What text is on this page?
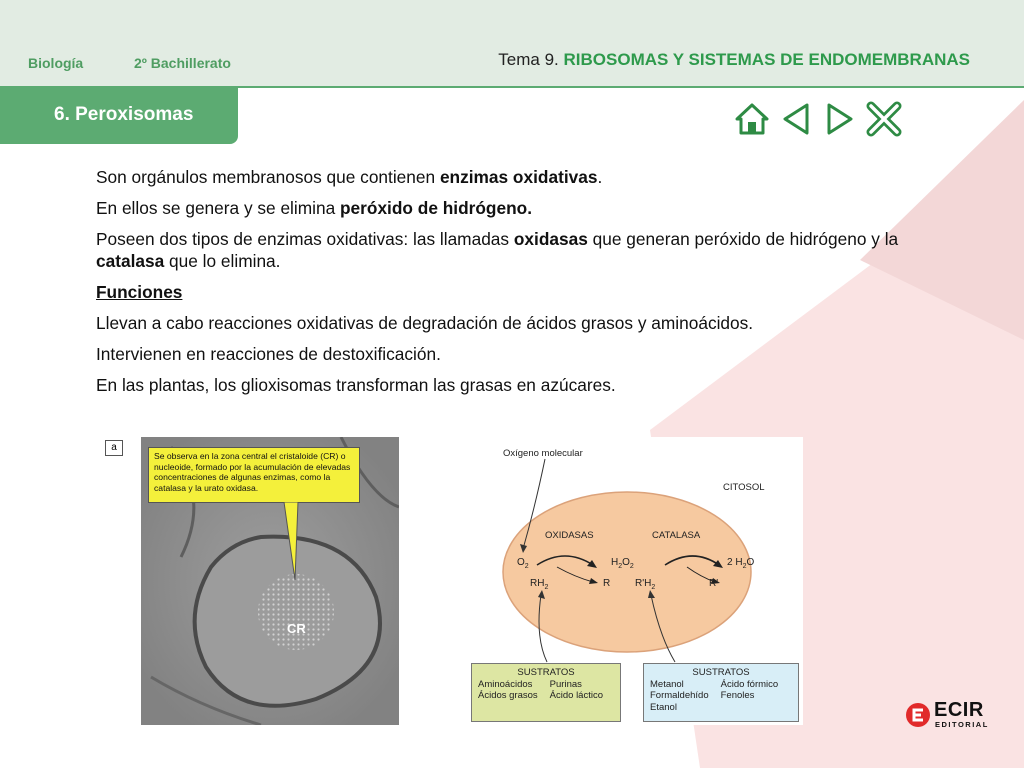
Biología	2º Bachillerato	Tema 9. RIBOSOMAS Y SISTEMAS DE ENDOMEMBRANAS
6. Peroxisomas

Son orgánulos membranosos que contienen enzimas oxidativas.

En ellos se genera y se elimina peróxido de hidrógeno.

Poseen dos tipos de enzimas oxidativas: las llamadas oxidasas que generan peróxido de hidrógeno y la catalasa que lo elimina.

Funciones

Llevan a cabo reacciones oxidativas de degradación de ácidos grasos y aminoácidos.

Intervienen en reacciones de destoxificación.

En las plantas, los glioxisomas transforman las grasas en azúcares.

a
CR
Se observa en la zona central el cristaloide (CR) o nucleoide, formado por la acumulación de elevadas concentraciones de algunas enzimas, como la catalasa y la urato oxidasa.
Oxígeno molecular
CITOSOL
OXIDASAS	CATALASA
$O_2$	$H_2O_2$	2 $H_2O$
$RH_2$	R $R'H_2$	R'
SUSTRATOS
Aminoácidos
Ácidos grasos
Purinas
Ácido láctico
SUSTRATOS
Metanol
Formaldehído
Etanol
Ácido fórmico
Fenoles
ECIR
EDITORIAL
